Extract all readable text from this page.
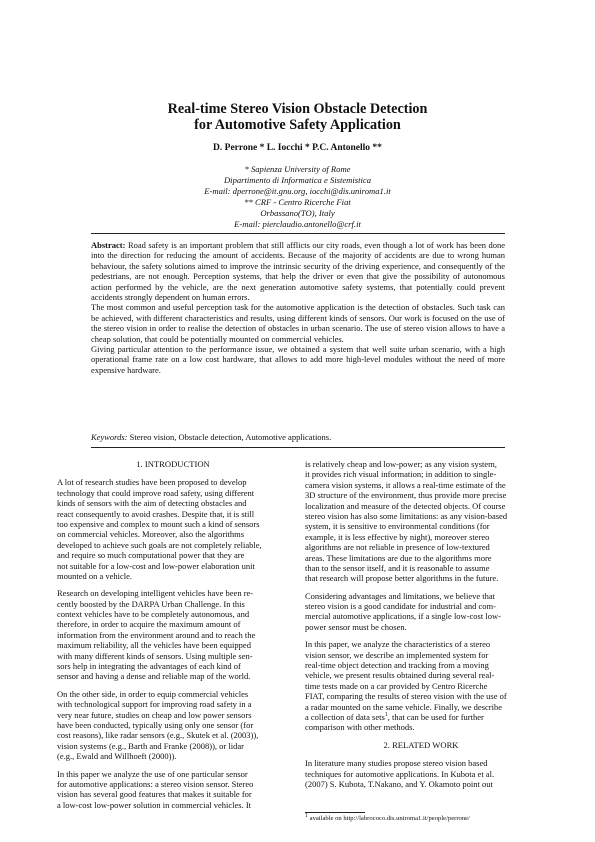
Real-time Stereo Vision Obstacle Detection
for Automotive Safety Application
D. Perrone * L. Iocchi * P.C. Antonello **
* Sapienza University of Rome
Dipartimento di Informatica e Sistemistica
E-mail: dperrone@it.gnu.org, iocchi@dis.uniroma1.it
** CRF - Centro Ricerche Fiat
Orbassano(TO), Italy
E-mail: pierclaudio.antonello@crf.it

Abstract: Road safety is an important problem that still afflicts our city roads, even though a lot of work has been done into the direction for reducing the amount of accidents. Because of the majority of accidents are due to wrong human behaviour, the safety solutions aimed to improve the intrinsic security of the driving experience, and consequently of the pedestrians, are not enough. Perception systems, that help the driver or even that give the possibility of autonomous action performed by the vehicle, are the next generation automotive safety systems, that potentially could prevent accidents strongly dependent on human errors.

The most common and useful perception task for the automotive application is the detection of obstacles. Such task can be achieved, with different characteristics and results, using different kinds of sensors. Our work is focused on the use of the stereo vision in order to realise the detection of obstacles in urban scenario. The use of stereo vision allows to have a cheap solution, that could be potentially mounted on commercial vehicles.

Giving particular attention to the performance issue, we obtained a system that well suite urban scenario, with a high operational frame rate on a low cost hardware, that allows to add more high-level modules without the need of more expensive hardware.

Keywords: Stereo vision, Obstacle detection, Automotive applications.
1. INTRODUCTION

A lot of research studies have been proposed to develop
technology that could improve road safety, using different
kinds of sensors with the aim of detecting obstacles and
react consequently to avoid crashes. Despite that, it is still
too expensive and complex to mount such a kind of sensors
on commercial vehicles. Moreover, also the algorithms
developed to achieve such goals are not completely reliable,
and require so much computational power that they are
not suitable for a low-cost and low-power elaboration unit
mounted on a vehicle.

Research on developing intelligent vehicles have been re-
cently boosted by the DARPA Urban Challenge. In this
context vehicles have to be completely autonomous, and
therefore, in order to acquire the maximum amount of
information from the environment around and to reach the
maximum reliability, all the vehicles have been equipped
with many different kinds of sensors. Using multiple sen-
sors help in integrating the advantages of each kind of
sensor and having a dense and reliable map of the world.

On the other side, in order to equip commercial vehicles
with technological support for improving road safety in a
very near future, studies on cheap and low power sensors
have been conducted, typically using only one sensor (for
cost reasons), like radar sensors (e.g., Skutek et al. (2003)),
vision systems (e.g., Barth and Franke (2008)), or lidar
(e.g., Ewald and Willhoeft (2000)).

In this paper we analyze the use of one particular sensor
for automotive applications: a stereo vision sensor. Stereo
vision has several good features that makes it suitable for
a low-cost low-power solution in commercial vehicles. It

is relatively cheap and low-power; as any vision system,
it provides rich visual information; in addition to single-
camera vision systems, it allows a real-time estimate of the
3D structure of the environment, thus provide more precise
localization and measure of the detected objects. Of course
stereo vision has also some limitations: as any vision-based
system, it is sensitive to environmental conditions (for
example, it is less effective by night), moreover stereo
algorithms are not reliable in presence of low-textured
areas. These limitations are due to the algorithms more
than to the sensor itself, and it is reasonable to assume
that research will propose better algorithms in the future.

Considering advantages and limitations, we believe that
stereo vision is a good candidate for industrial and com-
mercial automotive applications, if a single low-cost low-
power sensor must be chosen.

In this paper, we analyze the characteristics of a stereo
vision sensor, we describe an implemented system for
real-time object detection and tracking from a moving
vehicle, we present results obtained during several real-
time tests made on a car provided by Centro Ricerche
FIAT, comparing the results of stereo vision with the use of
a radar mounted on the same vehicle. Finally, we describe
a collection of data sets$^1$, that can be used for further
comparison with other methods.

2. RELATED WORK

In literature many studies propose stereo vision based
techniques for automotive applications. In Kubota et al.
(2007) S. Kubota, T.Nakano, and Y. Okamoto point out

$^1$ available on http://labrococo.dis.uniroma1.it/people/perrone/
